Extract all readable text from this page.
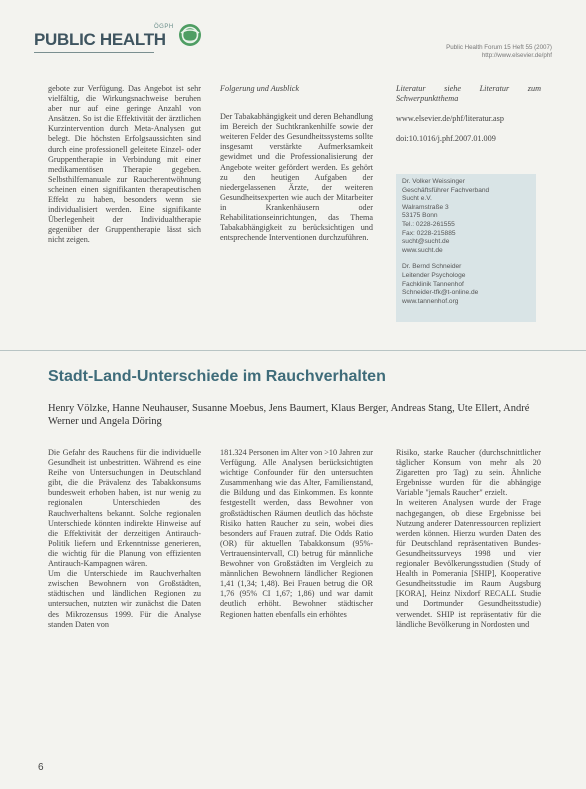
ÖGPH
PUBLIC HEALTH	Public Health Forum 15 Heft 55 (2007)
http://www.elsevier.de/phf

gebote zur Verfügung. Das Angebot ist sehr vielfältig, die Wirkungsnachweise beruhen aber nur auf eine geringe Anzahl von Ansätzen. So ist die Effektivität der ärztlichen Kurzintervention durch Meta-Analysen gut belegt. Die höchsten Erfolgsaussichten sind durch eine professionell geleitete Einzel- oder Gruppentherapie in Verbindung mit einer medikamentösen Therapie gegeben. Selbsthilfemanuale zur Raucherentwöhnung scheinen einen signifikanten therapeutischen Effekt zu haben, besonders wenn sie individualisiert werden. Eine signifikante Überlegenheit der Individualtherapie gegenüber der Gruppentherapie lässt sich nicht zeigen.

Folgerung und Ausblick

Der Tabakabhängigkeit und deren Behandlung im Bereich der Suchtkrankenhilfe sowie der weiteren Felder des Gesundheitssystems sollte insgesamt verstärkte Aufmerksamkeit gewidmet und die Professionalisierung der Angebote weiter gefördert werden. Es gehört zu den heutigen Aufgaben der niedergelassenen Ärzte, der weiteren Gesundheitsexperten wie auch der Mitarbeiter in Krankenhäusern oder Rehabilitationseinrichtungen, das Thema Tabakabhängigkeit zu berücksichtigen und entsprechende Interventionen durchzuführen.

Literatur siehe Literatur zum Schwerpunktthema

www.elsevier.de/phf/literatur.asp

doi:10.1016/j.phf.2007.01.009

Dr. Volker Weissinger

Geschäftsführer Fachverband

Sucht e.V.

Walramstraße 3

53175 Bonn

Tel.: 0228-261555

Fax: 0228-215885

sucht@sucht.de

www.sucht.de

Dr. Bernd Schneider

Leitender Psychologe

Fachklinik Tannenhof

Schneider-tfk@t-online.de

www.tannenhof.org

Stadt-Land-Unterschiede im Rauchverhalten
Henry Völzke, Hanne Neuhauser, Susanne Moebus, Jens Baumert, Klaus Berger, Andreas Stang, Ute Ellert, André Werner und Angela Döring

Die Gefahr des Rauchens für die individuelle Gesundheit ist unbestritten. Während es eine Reihe von Untersuchungen in Deutschland gibt, die die Prävalenz des Tabakkonsums bundesweit erhoben haben, ist nur wenig zu regionalen Unterschieden des Rauchverhaltens bekannt. Solche regionalen Unterschiede könnten indirekte Hinweise auf die Effektivität der derzeitigen Antirauch-Politik liefern und Erkenntnisse generieren, die wichtig für die Planung von effizienten Antirauch-Kampagnen wären.
Um die Unterschiede im Rauchverhalten zwischen Bewohnern von Großstädten, städtischen und ländlichen Regionen zu untersuchen, nutzten wir zunächst die Daten des Mikrozensus 1999. Für die Analyse standen Daten von

181.324 Personen im Alter von >10 Jahren zur Verfügung. Alle Analysen berücksichtigten wichtige Confounder für den untersuchten Zusammenhang wie das Alter, Familienstand, die Bildung und das Einkommen. Es konnte festgestellt werden, dass Bewohner von großstädtischen Räumen deutlich das höchste Risiko hatten Raucher zu sein, wobei dies besonders auf Frauen zutraf. Die Odds Ratio (OR) für aktuellen Tabakkonsum (95%-Vertrauensintervall, CI) betrug für männliche Bewohner von Großstädten im Vergleich zu männlichen Bewohnern ländlicher Regionen 1,41 (1,34; 1,48). Bei Frauen betrug die OR 1,76 (95% CI 1,67; 1,86) und war damit deutlich erhöht. Bewohner städtischer Regionen hatten ebenfalls ein erhöhtes

Risiko, starke Raucher (durchschnittlicher täglicher Konsum von mehr als 20 Zigaretten pro Tag) zu sein. Ähnliche Ergebnisse wurden für die abhängige Variable "jemals Raucher" erzielt.
In weiteren Analysen wurde der Frage nachgegangen, ob diese Ergebnisse bei Nutzung anderer Datenressourcen repliziert werden können. Hierzu wurden Daten des für Deutschland repräsentativen Bundes-Gesundheitssurveys 1998 und vier regionaler Bevölkerungsstudien (Study of Health in Pomerania [SHIP], Kooperative Gesundheitsstudie im Raum Augsburg [KORA], Heinz Nixdorf RECALL Studie und Dortmunder Gesundheitsstudie) verwendet. SHIP ist repräsentativ für die ländliche Bevölkerung in Nordosten und

6
